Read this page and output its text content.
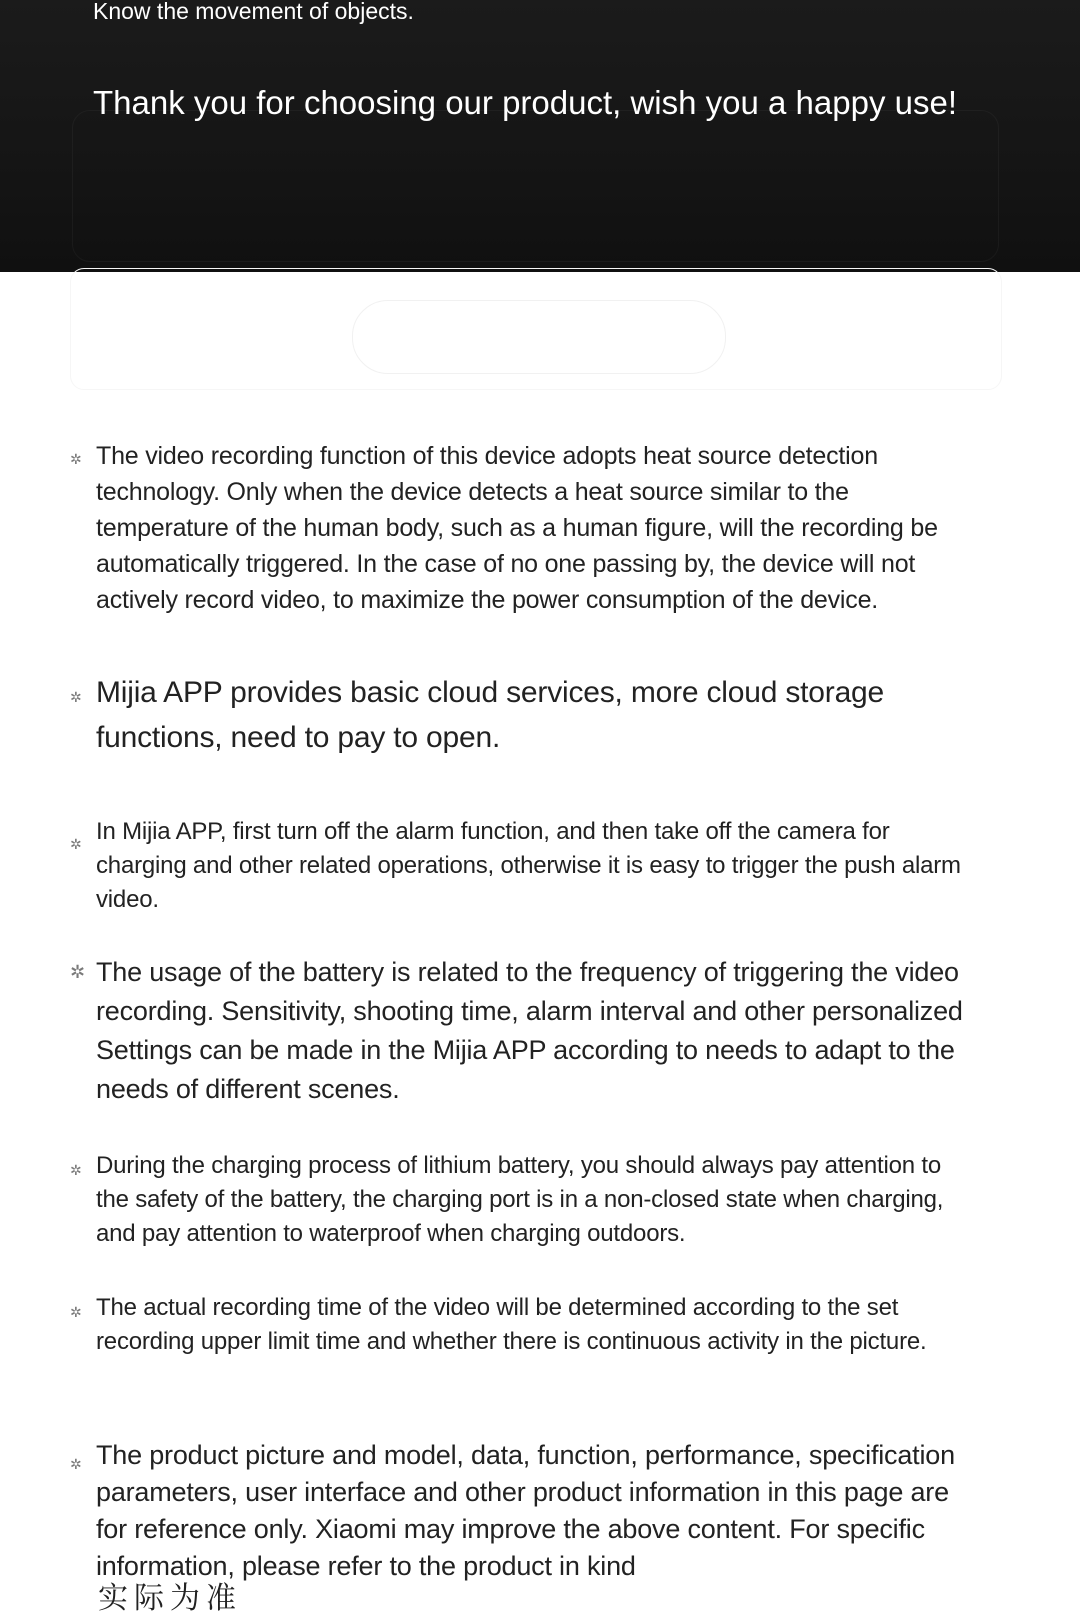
Know the movement of objects.
Thank you for choosing our product, wish you a happy use!
✲ The video recording function of this device adopts heat source detection technology. Only when the device detects a heat source similar to the temperature of the human body, such as a human figure, will the recording be automatically triggered. In the case of no one passing by, the device will not actively record video, to maximize the power consumption of the device.
✲ Mijia APP provides basic cloud services, more cloud storage functions, need to pay to open.
✲ In Mijia APP, first turn off the alarm function, and then take off the camera for charging and other related operations, otherwise it is easy to trigger the push alarm video.
✲ The usage of the battery is related to the frequency of triggering the video recording. Sensitivity, shooting time, alarm interval and other personalized Settings can be made in the Mijia APP according to needs to adapt to the needs of different scenes.
✲ During the charging process of lithium battery, you should always pay attention to the safety of the battery, the charging port is in a non-closed state when charging, and pay attention to waterproof when charging outdoors.
✲ The actual recording time of the video will be determined according to the set recording upper limit time and whether there is continuous activity in the picture.
✲ The product picture and model, data, function, performance, specification parameters, user interface and other product information in this page are for reference only. Xiaomi may improve the above content. For specific information, please refer to the product in kind
实际为准
